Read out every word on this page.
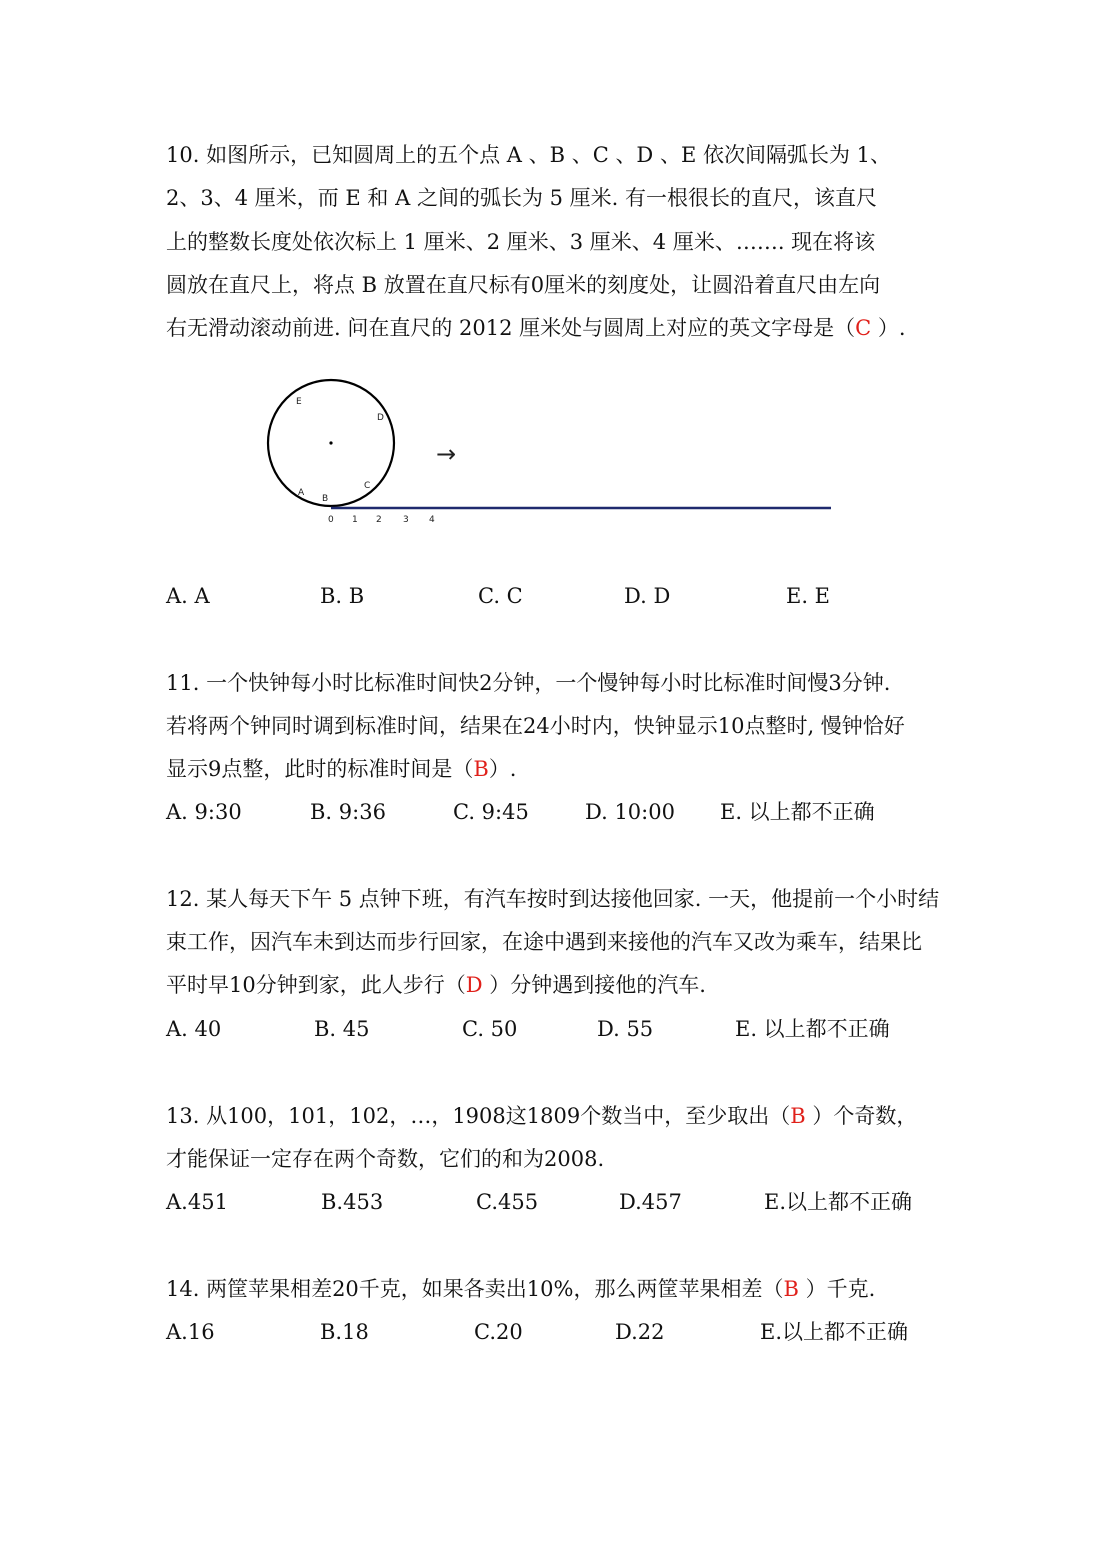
10. 如图所示，已知圆周上的五个点 A 、B 、C 、D 、E 依次间隔弧长为 1、
2、3、4 厘米，而 E 和 A 之间的弧长为 5 厘米. 有一根很长的直尺，该直尺
上的整数长度处依次标上 1 厘米、2 厘米、3 厘米、4 厘米、……. 现在将该
圆放在直尺上，将点 B 放置在直尺标有0厘米的刻度处，让圆沿着直尺由左向
右无滑动滚动前进. 问在直尺的 2012 厘米处与圆周上对应的英文字母是（C ）.
E
D
A
B
C
→
0 1 2 3 4
A. A	B. B	C. C	D. D	E. E
11. 一个快钟每小时比标准时间快2分钟，一个慢钟每小时比标准时间慢3分钟.
若将两个钟同时调到标准时间，结果在24小时内，快钟显示10点整时, 慢钟恰好
显示9点整，此时的标准时间是（B）.
A. 9:30	B. 9:36	C. 9:45	D. 10:00 E. 以上都不正确
12. 某人每天下午 5 点钟下班，有汽车按时到达接他回家. 一天，他提前一个小时结
束工作，因汽车未到达而步行回家，在途中遇到来接他的汽车又改为乘车，结果比
平时早10分钟到家，此人步行（D ）分钟遇到接他的汽车.
A. 40	B. 45	C. 50	D. 55	E. 以上都不正确
13. 从100，101，102，…，1908这1809个数当中，至少取出（B ）个奇数，
才能保证一定存在两个奇数，它们的和为2008.
A.451	B.453	C.455	D.457	E.以上都不正确
14. 两筐苹果相差20千克，如果各卖出10%，那么两筐苹果相差（B ）千克.
A.16	B.18	C.20	D.22	E.以上都不正确
